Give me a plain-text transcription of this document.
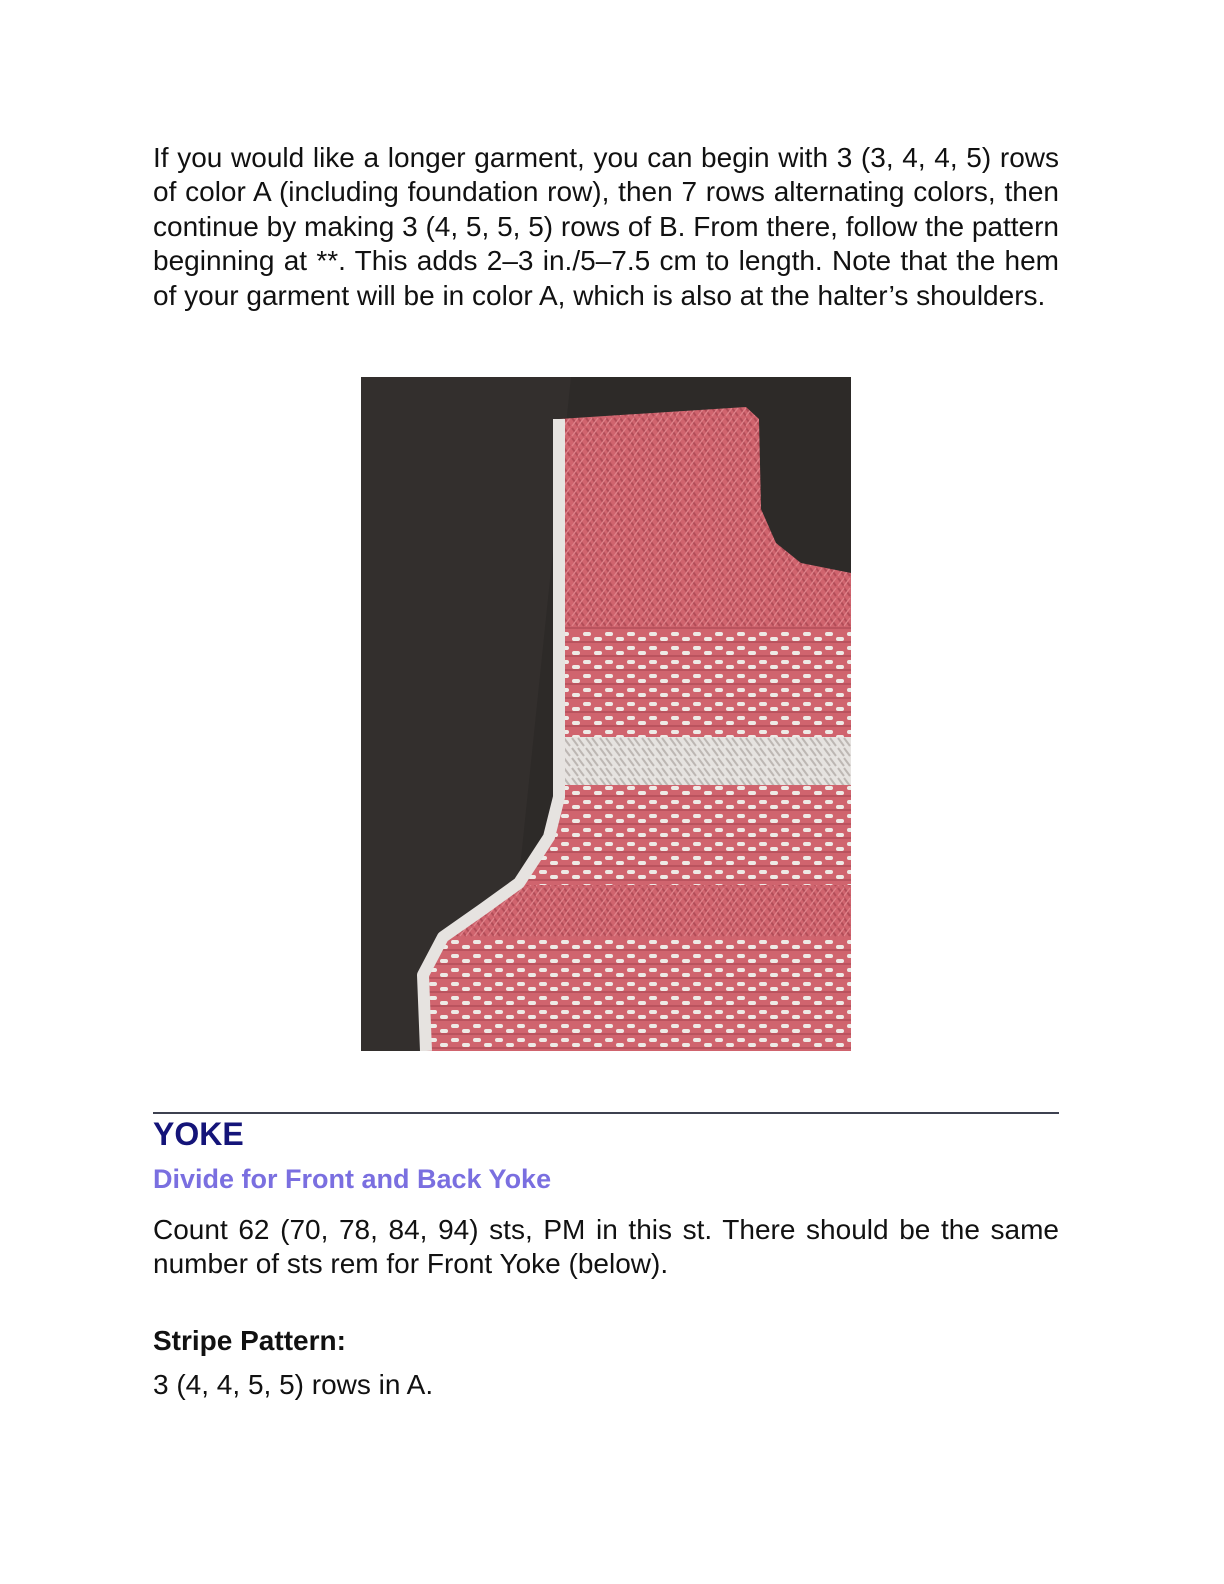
If you would like a longer garment, you can begin with 3 (3, 4, 4, 5) rows of color A (including foundation row), then 7 rows alternating colors, then continue by making 3 (4, 5, 5, 5) rows of B. From there, follow the pattern beginning at **. This adds 2–3 in./5–7.5 cm to length. Note that the hem of your garment will be in color A, which is also at the halter’s shoulders.

YOKE
Divide for Front and Back Yoke

Count 62 (70, 78, 84, 94) sts, PM in this st. There should be the same number of sts rem for Front Yoke (below).

Stripe Pattern:

3 (4, 4, 5, 5) rows in A.
